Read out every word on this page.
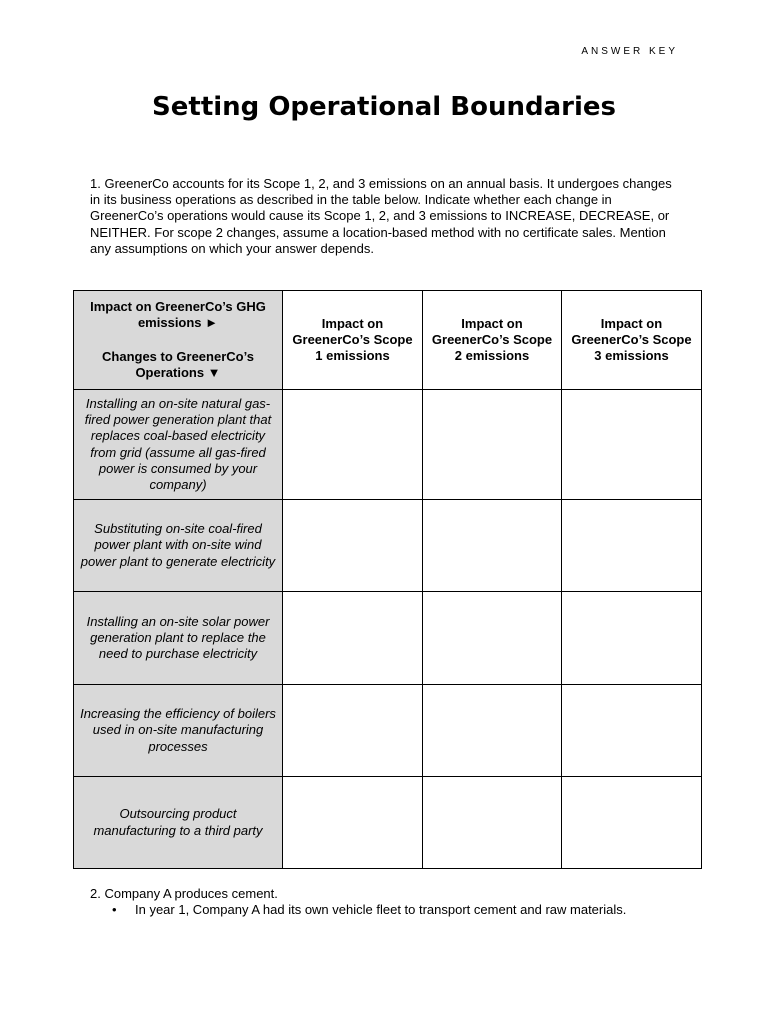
ANSWER KEY
Setting Operational Boundaries

1. GreenerCo accounts for its Scope 1, 2, and 3 emissions on an annual basis. It undergoes changes in its business operations as described in the table below. Indicate whether each change in GreenerCo’s operations would cause its Scope 1, 2, and 3 emissions to INCREASE, DECREASE, or NEITHER. For scope 2 changes, assume a location-based method with no certificate sales. Mention any assumptions on which your answer depends.

Impact on GreenerCo’s GHG emissions ►
Changes to GreenerCo’s Operations ▼	Impact on GreenerCo’s Scope 1 emissions	Impact on GreenerCo’s Scope 2 emissions	Impact on GreenerCo’s Scope 3 emissions
Installing an on-site natural gas-fired power generation plant that replaces coal-based electricity from grid (assume all gas-fired power is consumed by your company)			
Substituting on-site coal-fired power plant with on-site wind power plant to generate electricity			
Installing an on-site solar power generation plant to replace the need to purchase electricity			
Increasing the efficiency of boilers used in on-site manufacturing processes			
Outsourcing product manufacturing to a third party			
2. Company A produces cement.
• In year 1, Company A had its own vehicle fleet to transport cement and raw materials.
